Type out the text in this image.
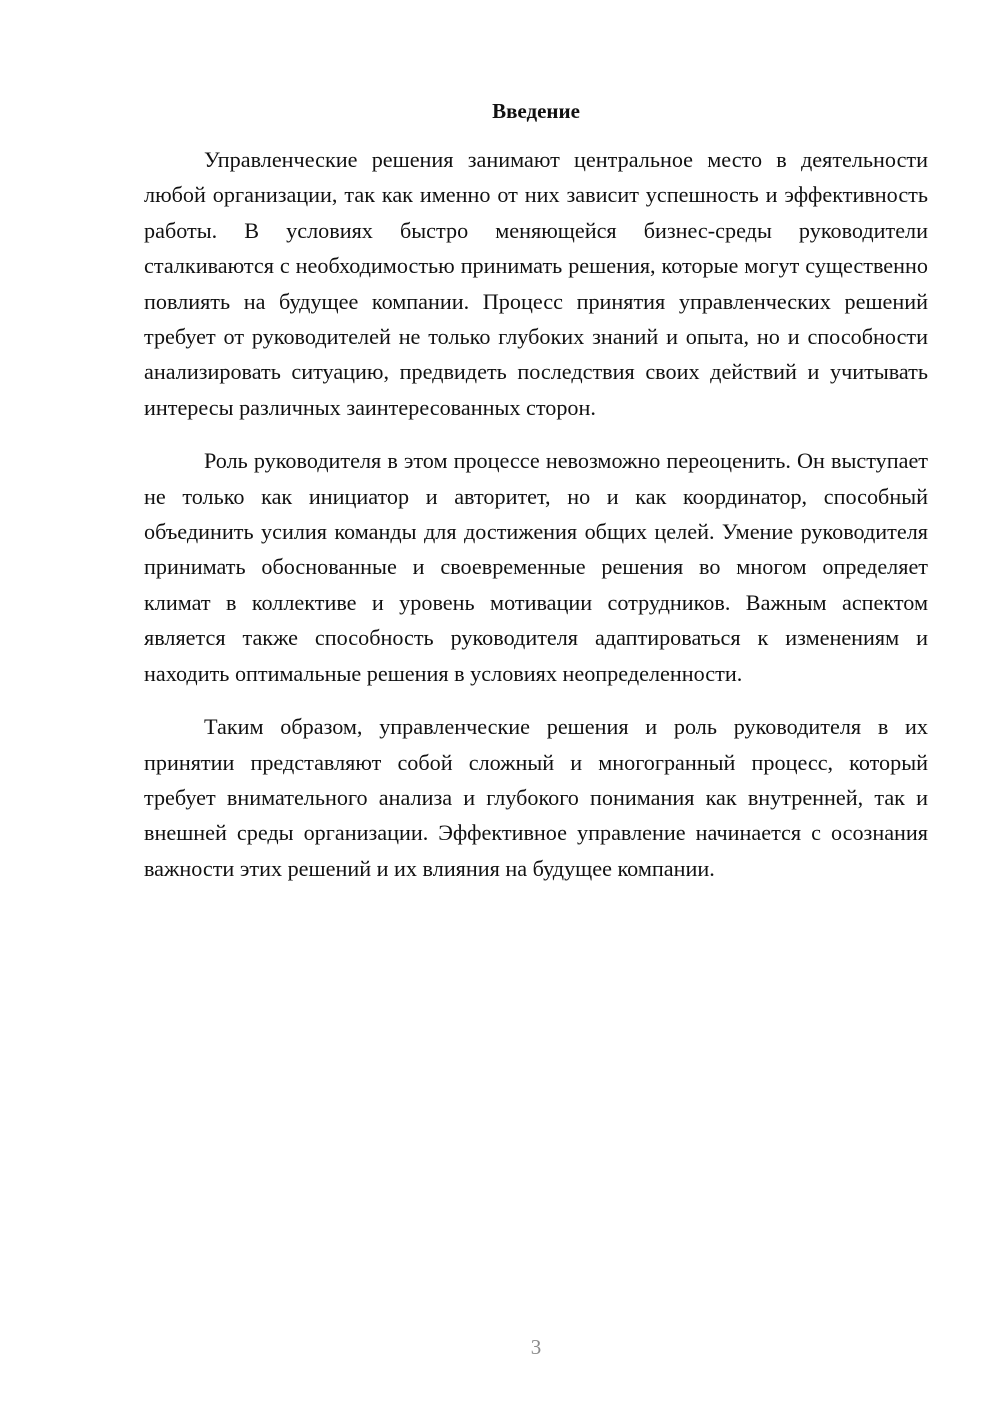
Введение

Управленческие решения занимают центральное место в деятельности любой организации, так как именно от них зависит успешность и эффективность работы. В условиях быстро меняющейся бизнес-среды руководители сталкиваются с необходимостью принимать решения, которые могут существенно повлиять на будущее компании. Процесс принятия управленческих решений требует от руководителей не только глубоких знаний и опыта, но и способности анализировать ситуацию, предвидеть последствия своих действий и учитывать интересы различных заинтересованных сторон.

Роль руководителя в этом процессе невозможно переоценить. Он выступает не только как инициатор и авторитет, но и как координатор, способный объединить усилия команды для достижения общих целей. Умение руководителя принимать обоснованные и своевременные решения во многом определяет климат в коллективе и уровень мотивации сотрудников. Важным аспектом является также способность руководителя адаптироваться к изменениям и находить оптимальные решения в условиях неопределенности.

Таким образом, управленческие решения и роль руководителя в их принятии представляют собой сложный и многогранный процесс, который требует внимательного анализа и глубокого понимания как внутренней, так и внешней среды организации. Эффективное управление начинается с осознания важности этих решений и их влияния на будущее компании.

3
